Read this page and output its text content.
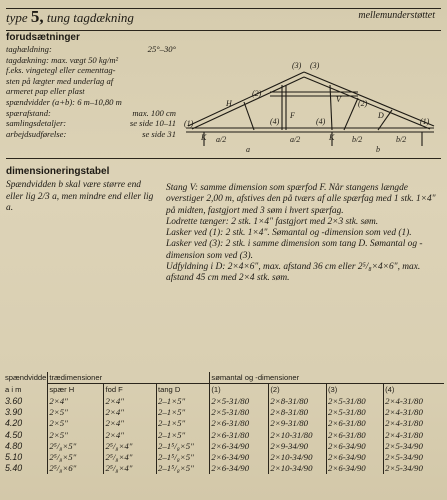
type 5, tung tagdækning	mellemunderstøttet
forudsætninger
taghældning:	25°–30°
tagdækning: max. vægt 50 kg/m²
f.eks. vingetegl eller cementtag-
sten på lægter med underlag af
armeret pap eller plast
spændvidder (a+b): 6 m–10,80 m
spærafstand:	max. 100 cm
samlingsdetaljer:	se side 10–11
arbejdsudførelse:	se side 31
(1)	(1)
(2)
(2)
(3) (3)
(4)	(4)
H	V
F
K	K
D
a	b
a/2	a/2	b/2	b/2
dimensioneringstabel
Spændvidden b skal være større end eller lig 2/3 a, men mindre end eller lig a.

Stang V: samme dimension som spærfod F. Når stangens længde overstiger 2,00 m, afstives den på tværs af alle spærfag med 1 stk. 1×4" på midten, fastgjort med 3 søm i hvert spærfag.

Lodrette tænger: 2 stk. 1×4" fastgjort med 2×3 stk. søm.

Lasker ved (1): 2 stk. 1×4". Sømantal og -dimension som ved (1).

Lasker ved (3): 2 stk. i samme dimension som tang D. Sømantal og -dimension som ved (3).

Udfyldning i D: 2×4×6", max. afstand 36 cm eller 2⁵/₈×4×6", max. afstand 45 cm med 2×4 stk. søm.

spændvidde	trædimensioner			sømantal og -dimensioner			
a i m	spær H	fod F	tang D	(1)	(2)	(3)	(4)
3.60	2×4"	2×4"	2–1×5"	2×5-31/80	2×8-31/80	2×5-31/80	2×4-31/80
3.90	2×5"	2×4"	2–1×5"	2×5-31/80	2×8-31/80	2×5-31/80	2×4-31/80
4.20	2×5"	2×4"	2–1×5"	2×6-31/80	2×9-31/80	2×6-31/80	2×4-31/80
4.50	2×5"	2×4"	2–1×5"	2×6-31/80	2×10-31/80	2×6-31/80	2×4-31/80
4.80	2⁵/₈×5"	2⁵/₈×4"	2–1⁵/₈×5"	2×6-34/90	2×9-34/90	2×6-34/90	2×5-34/90
5.10	2⁵/₈×5"	2⁵/₈×4"	2–1⁵/₈×5"	2×6-34/90	2×10-34/90	2×6-34/90	2×5-34/90
5.40	2⁵/₈×6"	2⁵/₈×4"	2–1⁵/₈×5"	2×6-34/90	2×10-34/90	2×6-34/90	2×5-34/90
